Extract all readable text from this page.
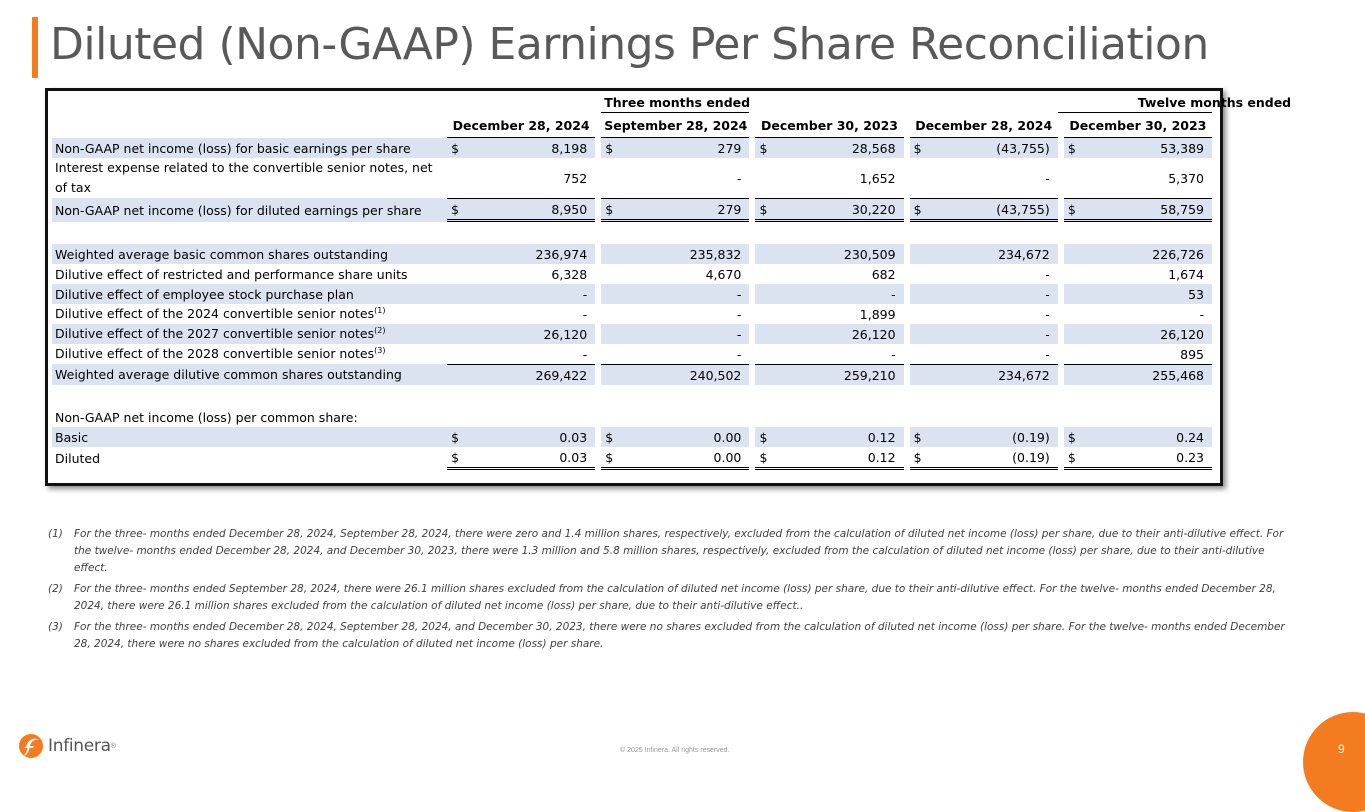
Diluted (Non-GAAP) Earnings Per Share Reconciliation
			Three months ended					Twelve months ended	
	December 28, 2024		September 28, 2024		December 30, 2023		December 28, 2024		December 30, 2023
Non-GAAP net income (loss) for basic earnings per share	$ 8,198		$ 279		$ 28,568		$ (43,755)		$ 53,389
Interest expense related to the convertible senior notes, net of tax	752		-		1,652		-		5,370
Non-GAAP net income (loss) for diluted earnings per share	$ 8,950		$ 279		$ 30,220		$ (43,755)		$ 58,759

Weighted average basic common shares outstanding	236,974		235,832		230,509		234,672		226,726
Dilutive effect of restricted and performance share units	6,328		4,670		682		-		1,674
Dilutive effect of employee stock purchase plan	-		-		-		-		53
Dilutive effect of the 2024 convertible senior notes$^{(1)}$	-		-		1,899		-		-
Dilutive effect of the 2027 convertible senior notes$^{(2)}$	26,120		-		26,120		-		26,120
Dilutive effect of the 2028 convertible senior notes$^{(3)}$	-		-		-		-		895
Weighted average dilutive common shares outstanding	269,422		240,502		259,210		234,672		255,468

Non-GAAP net income (loss) per common share:									
Basic	$ 0.03		$ 0.00		$ 0.12		$ (0.19)		$ 0.24
Diluted	$ 0.03		$ 0.00		$ 0.12		$ (0.19)		$ 0.23
(1) For the three- months ended December 28, 2024, September 28, 2024, there were zero and 1.4 million shares, respectively, excluded from the calculation of diluted net income (loss) per share, due to their anti-dilutive effect. For the twelve- months ended December 28, 2024, and December 30, 2023, there were 1.3 million and 5.8 million shares, respectively, excluded from the calculation of diluted net income (loss) per share, due to their anti-dilutive effect.
(2) For the three- months ended September 28, 2024, there were 26.1 million shares excluded from the calculation of diluted net income (loss) per share, due to their anti-dilutive effect. For the twelve- months ended December 28, 2024, there were 26.1 million shares excluded from the calculation of diluted net income (loss) per share, due to their anti-dilutive effect..
(3) For the three- months ended December 28, 2024, September 28, 2024, and December 30, 2023, there were no shares excluded from the calculation of diluted net income (loss) per share. For the twelve- months ended December 28, 2024, there were no shares excluded from the calculation of diluted net income (loss) per share.
Infinera ®
© 2025 Infinera. All rights reserved.	9
